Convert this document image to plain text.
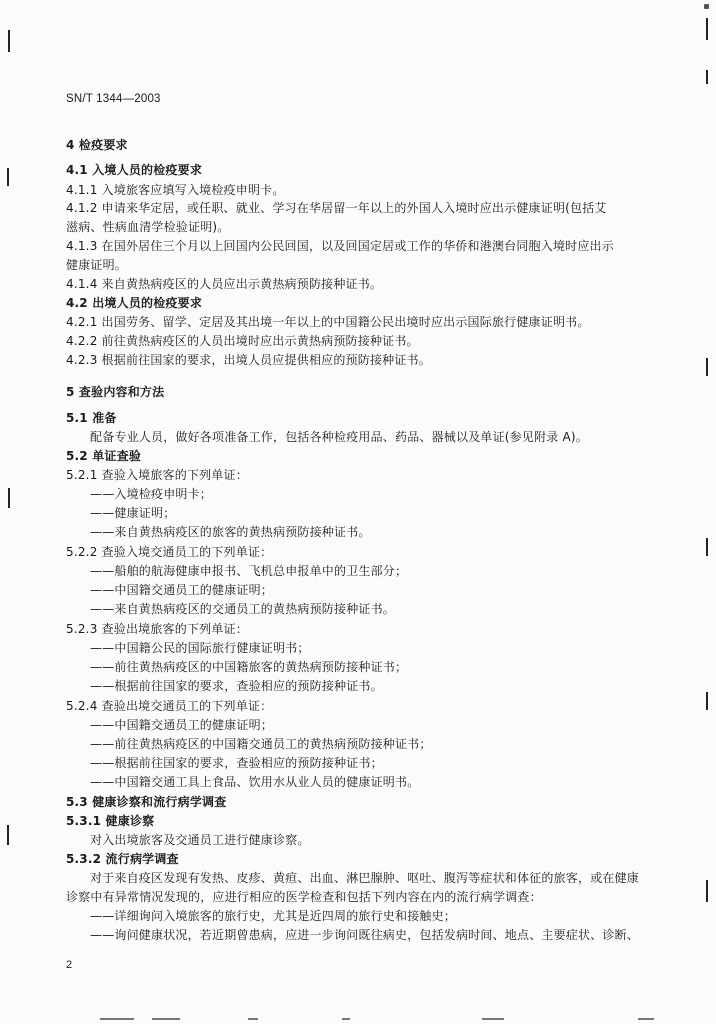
SN/T 1344—2003
4 检疫要求
4.1 入境人员的检疫要求
4.1.1 入境旅客应填写入境检疫申明卡。
4.1.2 申请来华定居，或任职、就业、学习在华居留一年以上的外国人入境时应出示健康证明(包括艾
滋病、性病血清学检验证明)。
4.1.3 在国外居住三个月以上回国内公民回国，以及回国定居或工作的华侨和港澳台同胞入境时应出示
健康证明。
4.1.4 来自黄热病疫区的人员应出示黄热病预防接种证书。
4.2 出境人员的检疫要求
4.2.1 出国劳务、留学、定居及其出境一年以上的中国籍公民出境时应出示国际旅行健康证明书。
4.2.2 前往黄热病疫区的人员出境时应出示黄热病预防接种证书。
4.2.3 根据前往国家的要求，出境人员应提供相应的预防接种证书。
5 查验内容和方法
5.1 准备
配备专业人员，做好各项准备工作，包括各种检疫用品、药品、器械以及单证(参见附录 A)。
5.2 单证查验
5.2.1 查验入境旅客的下列单证：
——入境检疫申明卡；
——健康证明；
——来自黄热病疫区的旅客的黄热病预防接种证书。
5.2.2 查验入境交通员工的下列单证：
——船舶的航海健康申报书、飞机总申报单中的卫生部分；
——中国籍交通员工的健康证明；
——来自黄热病疫区的交通员工的黄热病预防接种证书。
5.2.3 查验出境旅客的下列单证：
——中国籍公民的国际旅行健康证明书；
——前往黄热病疫区的中国籍旅客的黄热病预防接种证书；
——根据前往国家的要求，查验相应的预防接种证书。
5.2.4 查验出境交通员工的下列单证：
——中国籍交通员工的健康证明；
——前往黄热病疫区的中国籍交通员工的黄热病预防接种证书；
——根据前往国家的要求，查验相应的预防接种证书；
——中国籍交通工具上食品、饮用水从业人员的健康证明书。
5.3 健康诊察和流行病学调查
5.3.1 健康诊察
对入出境旅客及交通员工进行健康诊察。
5.3.2 流行病学调查
对于来自疫区发现有发热、皮疹、黄疸、出血、淋巴腺肿、呕吐、腹泻等症状和体征的旅客，或在健康
诊察中有异常情况发现的，应进行相应的医学检查和包括下列内容在内的流行病学调查：
——详细询问入境旅客的旅行史，尤其是近四周的旅行史和接触史；
——询问健康状况，若近期曾患病，应进一步询问既往病史，包括发病时间、地点、主要症状、诊断、
2
